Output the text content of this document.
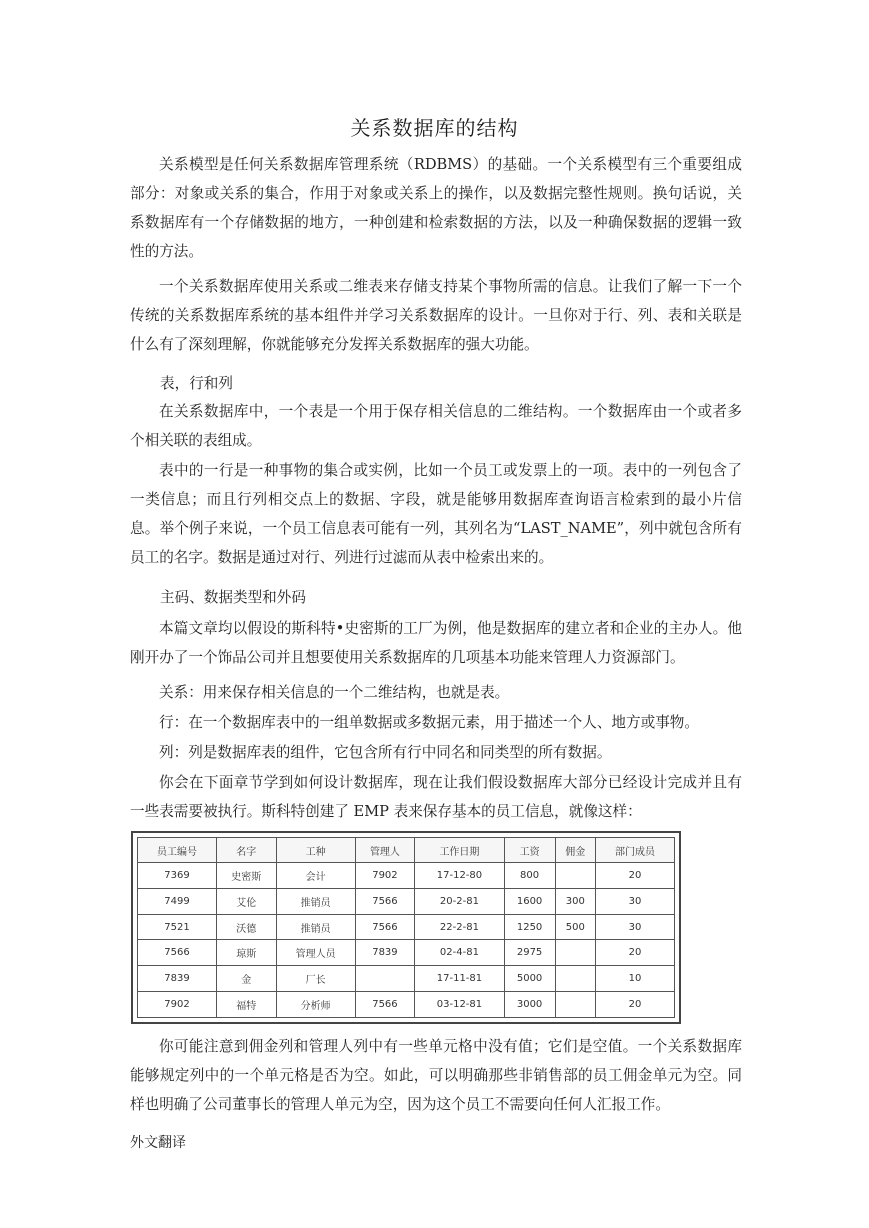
关系数据库的结构

关系模型是任何关系数据库管理系统（RDBMS）的基础。一个关系模型有三个重要组成部分：对象或关系的集合，作用于对象或关系上的操作，以及数据完整性规则。换句话说，关系数据库有一个存储数据的地方，一种创建和检索数据的方法，以及一种确保数据的逻辑一致性的方法。

一个关系数据库使用关系或二维表来存储支持某个事物所需的信息。让我们了解一下一个传统的关系数据库系统的基本组件并学习关系数据库的设计。一旦你对于行、列、表和关联是什么有了深刻理解，你就能够充分发挥关系数据库的强大功能。

表，行和列

在关系数据库中，一个表是一个用于保存相关信息的二维结构。一个数据库由一个或者多个相关联的表组成。

表中的一行是一种事物的集合或实例，比如一个员工或发票上的一项。表中的一列包含了一类信息；而且行列相交点上的数据、字段，就是能够用数据库查询语言检索到的最小片信息。举个例子来说，一个员工信息表可能有一列，其列名为“LAST_NAME”，列中就包含所有员工的名字。数据是通过对行、列进行过滤而从表中检索出来的。

主码、数据类型和外码

本篇文章均以假设的斯科特•史密斯的工厂为例，他是数据库的建立者和企业的主办人。他刚开办了一个饰品公司并且想要使用关系数据库的几项基本功能来管理人力资源部门。

关系：用来保存相关信息的一个二维结构，也就是表。

行：在一个数据库表中的一组单数据或多数据元素，用于描述一个人、地方或事物。

列：列是数据库表的组件，它包含所有行中同名和同类型的所有数据。

你会在下面章节学到如何设计数据库，现在让我们假设数据库大部分已经设计完成并且有一些表需要被执行。斯科特创建了 EMP 表来保存基本的员工信息，就像这样：

员工编号	名字	工种	管理人	工作日期	工资	佣金	部门成员
7369	史密斯	会计	7902	17-12-80	800		20
7499	艾伦	推销员	7566	20-2-81	1600	300	30
7521	沃德	推销员	7566	22-2-81	1250	500	30
7566	琼斯	管理人员	7839	02-4-81	2975		20
7839	金	厂长		17-11-81	5000		10
7902	福特	分析师	7566	03-12-81	3000		20

你可能注意到佣金列和管理人列中有一些单元格中没有值；它们是空值。一个关系数据库能够规定列中的一个单元格是否为空。如此，可以明确那些非销售部的员工佣金单元为空。同样也明确了公司董事长的管理人单元为空，因为这个员工不需要向任何人汇报工作。

外文翻译
